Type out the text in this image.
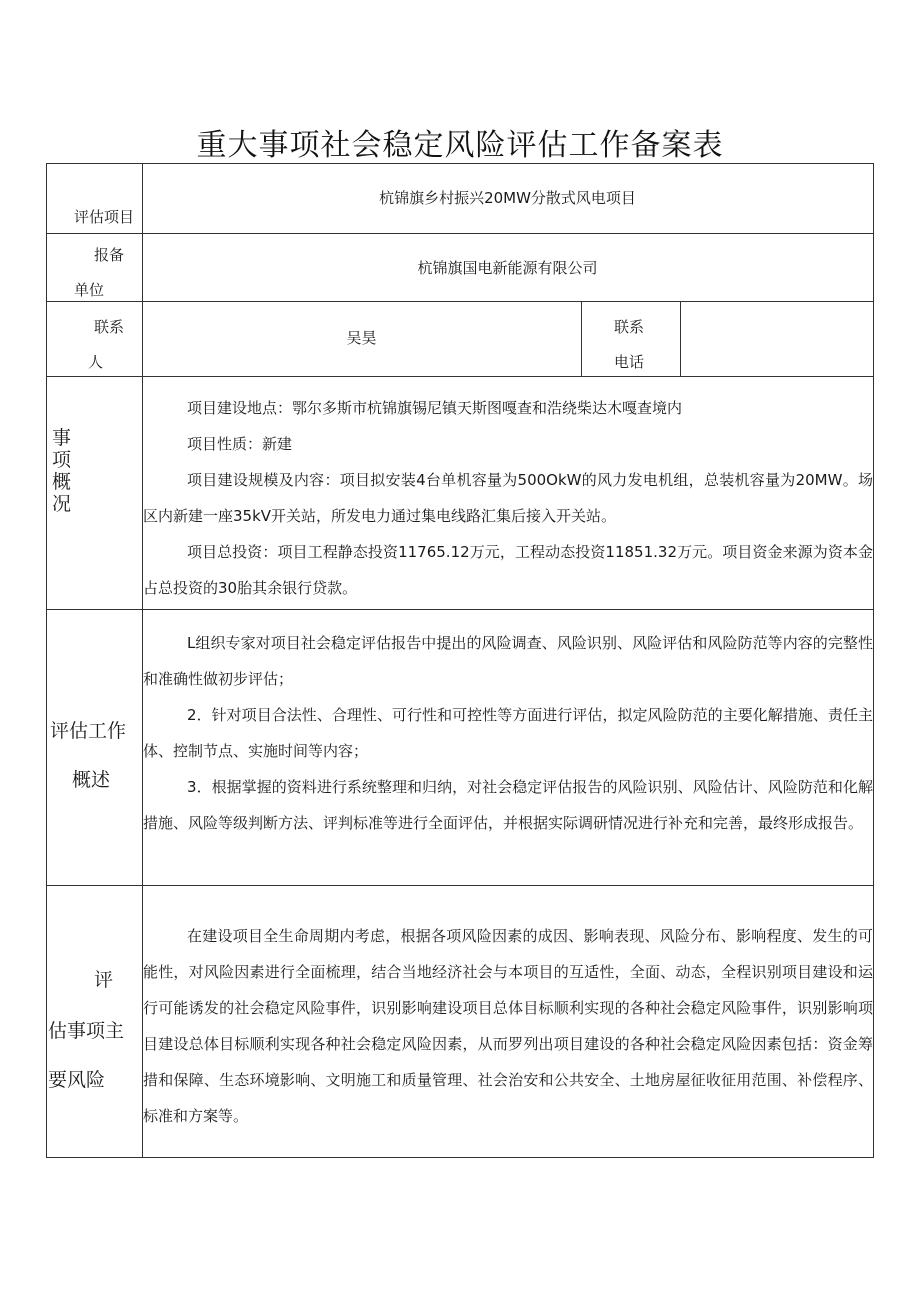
重大事项社会稳定风险评估工作备案表
评估项目
杭锦旗乡村振兴20MW分散式风电项目
报备
单位
杭锦旗国电新能源有限公司
联系
人
吴昊
联系
电话
事
项
概
况

项目建设地点：鄂尔多斯市杭锦旗锡尼镇天斯图嘎查和浩绕柴达木嘎查境内

项目性质：新建

项目建设规模及内容：项目拟安装4台单机容量为500OkW的风力发电机组，总装机容量为20MW。场区内新建一座35kV开关站，所发电力通过集电线路汇集后接入开关站。

项目总投资：项目工程静态投资11765.12万元，工程动态投资11851.32万元。项目资金来源为资本金占总投资的30胎其余银行贷款。

评估工作
概述

L组织专家对项目社会稳定评估报告中提出的风险调查、风险识别、风险评估和风险防范等内容的完整性和准确性做初步评估；

2．针对项目合法性、合理性、可行性和可控性等方面进行评估，拟定风险防范的主要化解措施、责任主体、控制节点、实施时间等内容；

3．根据掌握的资料进行系统整理和归纳，对社会稳定评估报告的风险识别、风险估计、风险防范和化解措施、风险等级判断方法、评判标准等进行全面评估，并根据实际调研情况进行补充和完善，最终形成报告。

评
估事项主
要风险

在建设项目全生命周期内考虑，根据各项风险因素的成因、影响表现、风险分布、影响程度、发生的可能性，对风险因素进行全面梳理，结合当地经济社会与本项目的互适性，全面、动态，全程识别项目建设和运行可能诱发的社会稳定风险事件，识别影响建设项目总体目标顺利实现的各种社会稳定风险事件，识别影响项目建设总体目标顺利实现各种社会稳定风险因素，从而罗列出项目建设的各种社会稳定风险因素包括：资金筹措和保障、生态环境影响、文明施工和质量管理、社会治安和公共安全、土地房屋征收征用范围、补偿程序、标准和方案等。
